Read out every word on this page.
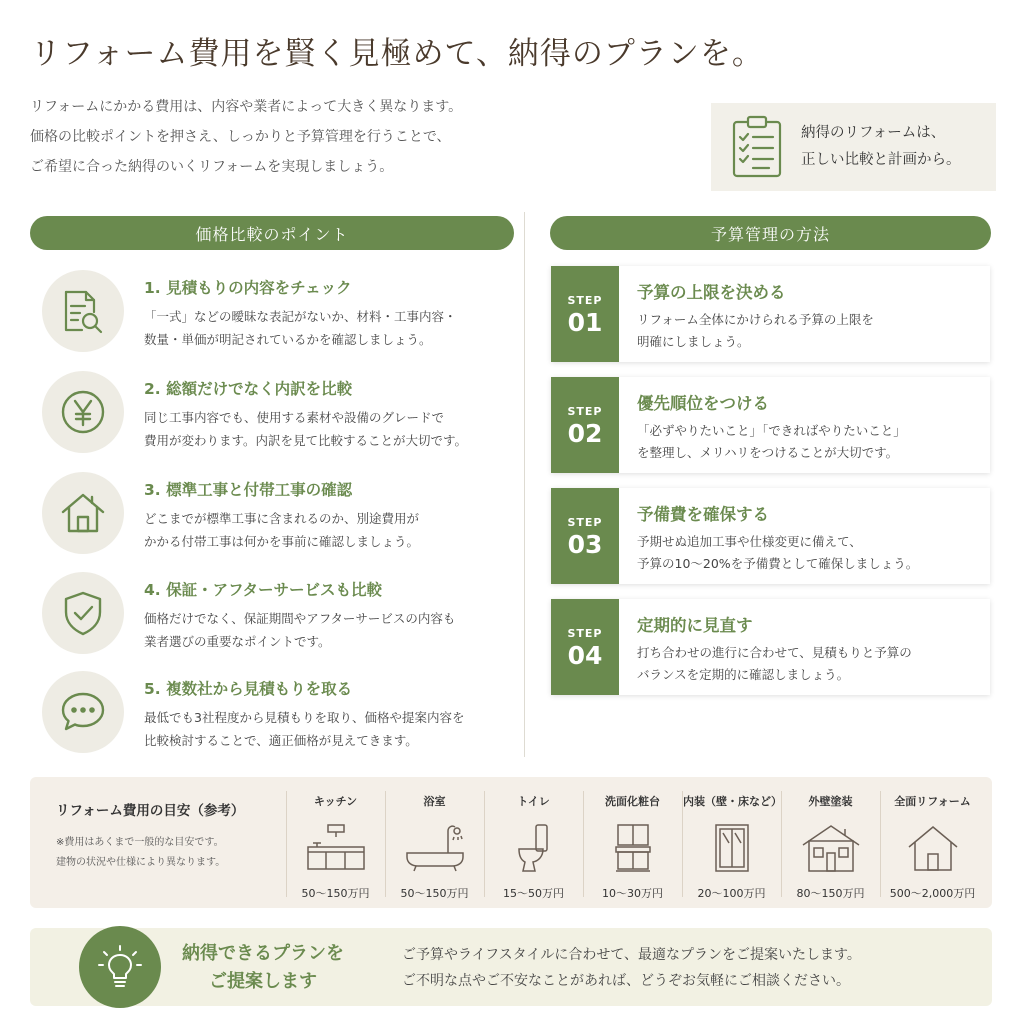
リフォーム費用を賢く見極めて、納得のプランを。

リフォームにかかる費用は、内容や業者によって大きく異なります。

価格の比較ポイントを押さえ、しっかりと予算管理を行うことで、

ご希望に合った納得のいくリフォームを実現しましょう。

納得のリフォームは、

正しい比較と計画から。

価格比較のポイント	予算管理の方法
1. 見積もりの内容をチェック
「一式」などの曖昧な表記がないか、材料・工事内容・
数量・単価が明記されているかを確認しましょう。
2. 総額だけでなく内訳を比較
同じ工事内容でも、使用する素材や設備のグレードで
費用が変わります。内訳を見て比較することが大切です。
3. 標準工事と付帯工事の確認
どこまでが標準工事に含まれるのか、別途費用が
かかる付帯工事は何かを事前に確認しましょう。
4. 保証・アフターサービスも比較
価格だけでなく、保証期間やアフターサービスの内容も
業者選びの重要なポイントです。
5. 複数社から見積もりを取る
最低でも3社程度から見積もりを取り、価格や提案内容を
比較検討することで、適正価格が見えてきます。
STEP
01
予算の上限を決める
リフォーム全体にかけられる予算の上限を
明確にしましょう。
STEP
02
優先順位をつける
「必ずやりたいこと」「できればやりたいこと」
を整理し、メリハリをつけることが大切です。
STEP
03
予備費を確保する
予期せぬ追加工事や仕様変更に備えて、
予算の10〜20%を予備費として確保しましょう。
STEP
04
定期的に見直す
打ち合わせの進行に合わせて、見積もりと予算の
バランスを定期的に確認しましょう。
リフォーム費用の目安（参考）
※費用はあくまで一般的な目安です。
建物の状況や仕様により異なります。
キッチン
50〜150万円
浴室
50〜150万円
トイレ
15〜50万円
洗面化粧台
10〜30万円
内装（壁・床など）
20〜100万円
外壁塗装
80〜150万円
全面リフォーム
500〜2,000万円
納得できるプランを
ご提案します
ご予算やライフスタイルに合わせて、最適なプランをご提案いたします。
ご不明な点やご不安なことがあれば、どうぞお気軽にご相談ください。
